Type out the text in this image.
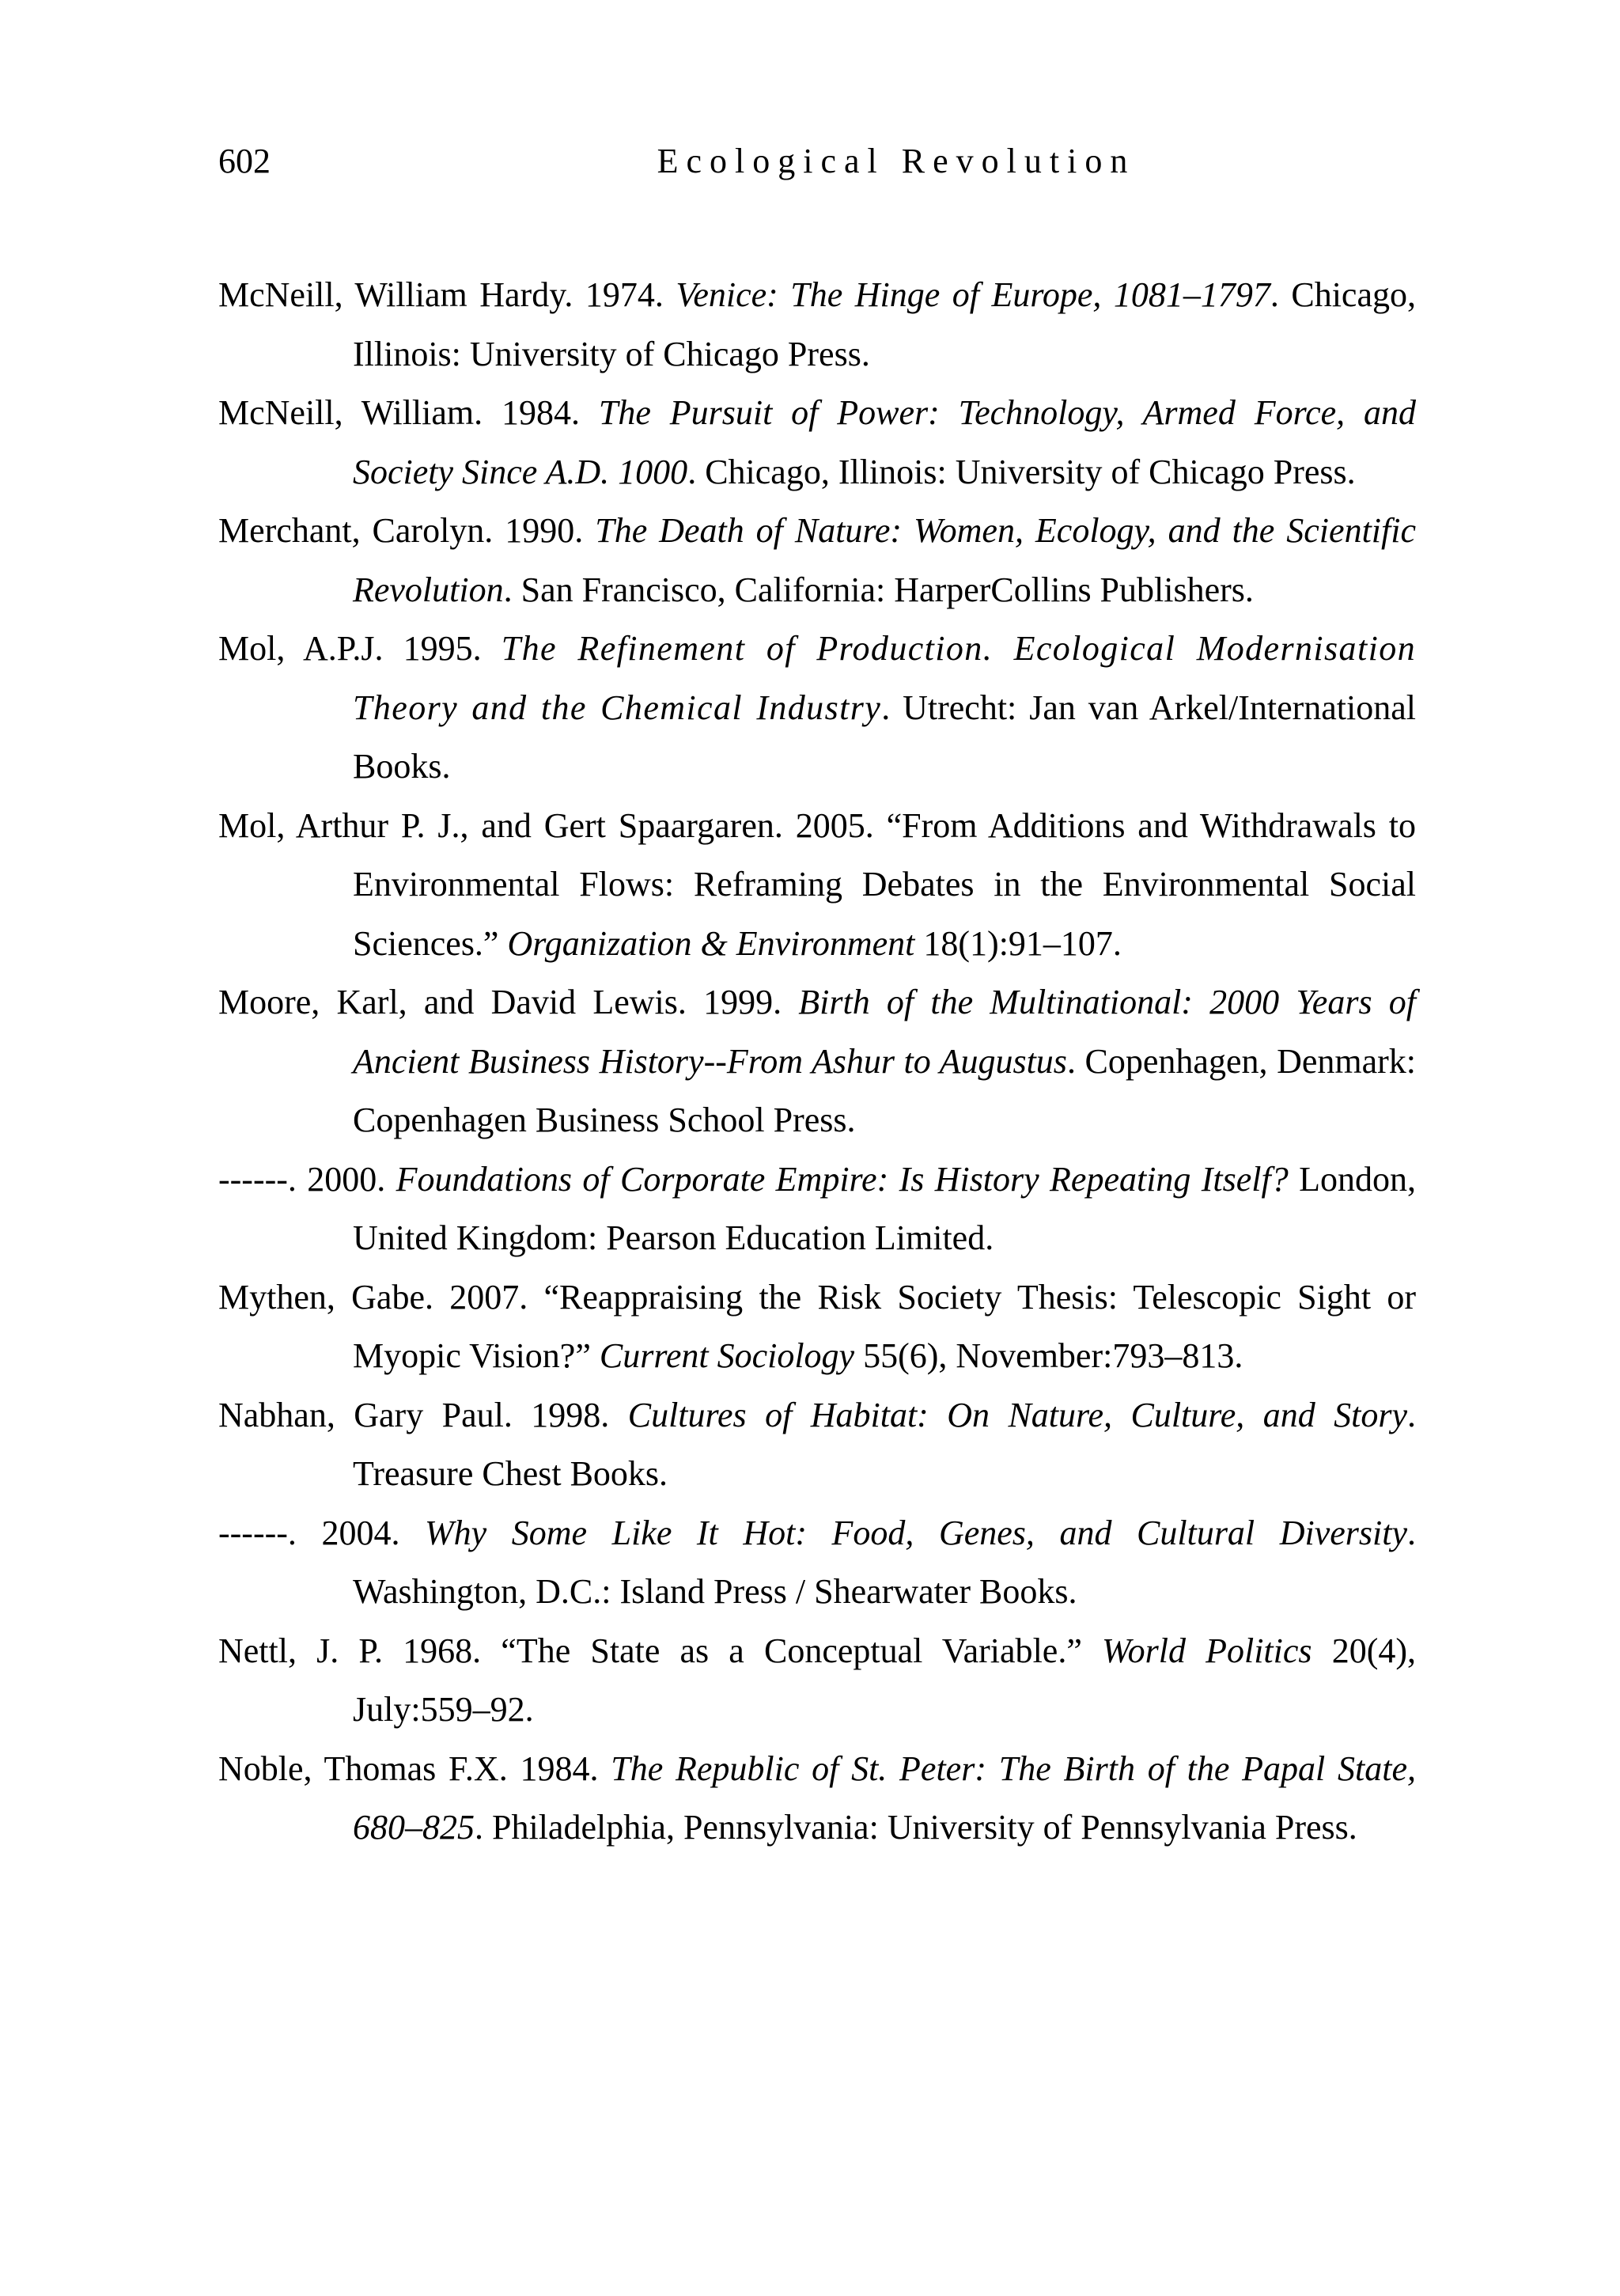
602	Ecological Revolution
McNeill, William Hardy. 1974. Venice: The Hinge of Europe, 1081–1797. Chicago, Illinois: University of Chicago Press.
McNeill, William. 1984. The Pursuit of Power: Technology, Armed Force, and Society Since A.D. 1000. Chicago, Illinois: University of Chicago Press.
Merchant, Carolyn. 1990. The Death of Nature: Women, Ecology, and the Scientific Revolution. San Francisco, California: HarperCollins Publishers.
Mol, A.P.J. 1995. The Refinement of Production. Ecological Modernisation Theory and the Chemical Industry. Utrecht: Jan van Arkel/International Books.
Mol, Arthur P. J., and Gert Spaargaren. 2005. “From Additions and Withdrawals to Environmental Flows: Reframing Debates in the Environmental Social Sciences.” Organization & Environment 18(1):91–107.
Moore, Karl, and David Lewis. 1999. Birth of the Multinational: 2000 Years of Ancient Business History--From Ashur to Augustus. Copenhagen, Denmark: Copenhagen Business School Press.
------. 2000. Foundations of Corporate Empire: Is History Repeating Itself? London, United Kingdom: Pearson Education Limited.
Mythen, Gabe. 2007. “Reappraising the Risk Society Thesis: Telescopic Sight or Myopic Vision?” Current Sociology 55(6), November:793–813.
Nabhan, Gary Paul. 1998. Cultures of Habitat: On Nature, Culture, and Story. Treasure Chest Books.
------. 2004. Why Some Like It Hot: Food, Genes, and Cultural Diversity. Washington, D.C.: Island Press / Shearwater Books.
Nettl, J. P. 1968. “The State as a Conceptual Variable.” World Politics 20(4), July:559–92.
Noble, Thomas F.X. 1984. The Republic of St. Peter: The Birth of the Papal State, 680–825. Philadelphia, Pennsylvania: University of Pennsylvania Press.
